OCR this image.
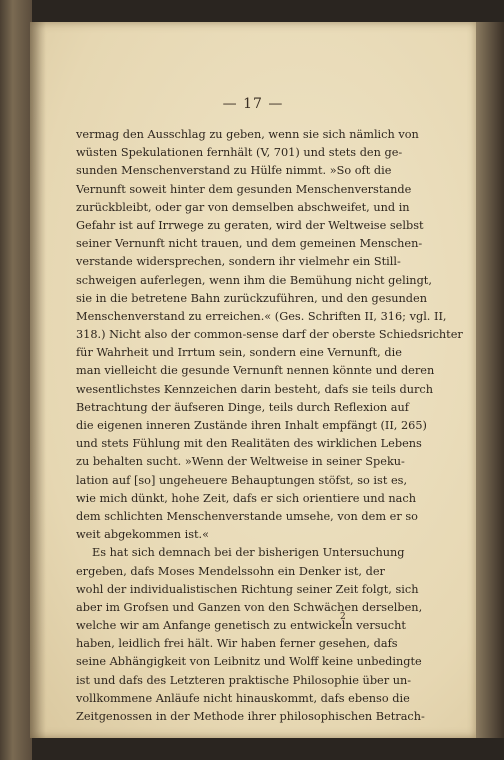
— 17 —
vermag den Ausschlag zu geben, wenn sie sich nämlich von
wüsten Spekulationen fernhält (V, 701) und stets den ge-
sunden Menschenverstand zu Hülfe nimmt. »So oft die
Vernunft soweit hinter dem gesunden Menschenverstande
zurückbleibt, oder gar von demselben abschweifet, und in
Gefahr ist auf Irrwege zu geraten, wird der Weltweise selbst
seiner Vernunft nicht trauen, und dem gemeinen Menschen-
verstande widersprechen, sondern ihr vielmehr ein Still-
schweigen auferlegen, wenn ihm die Bemühung nicht gelingt,
sie in die betretene Bahn zurückzuführen, und den gesunden
Menschenverstand zu erreichen.« (Ges. Schriften II, 316; vgl. II,
318.) Nicht also der common-sense darf der oberste Schiedsrichter
für Wahrheit und Irrtum sein, sondern eine Vernunft, die
man vielleicht die gesunde Vernunft nennen könnte und deren
wesentlichstes Kennzeichen darin besteht, dafs sie teils durch
Betrachtung der äufseren Dinge, teils durch Reflexion auf
die eigenen inneren Zustände ihren Inhalt empfängt (II, 265)
und stets Fühlung mit den Realitäten des wirklichen Lebens
zu behalten sucht. »Wenn der Weltweise in seiner Speku-
lation auf [so] ungeheuere Behauptungen stöfst, so ist es,
wie mich dünkt, hohe Zeit, dafs er sich orientiere und nach
dem schlichten Menschenverstande umsehe, von dem er so
weit abgekommen ist.«
Es hat sich demnach bei der bisherigen Untersuchung
ergeben, dafs Moses Mendelssohn ein Denker ist, der
wohl der individualistischen Richtung seiner Zeit folgt, sich
aber im Grofsen und Ganzen von den Schwächen derselben,
welche wir am Anfange genetisch zu entwickeln versucht
haben, leidlich frei hält. Wir haben ferner gesehen, dafs
seine Abhängigkeit von Leibnitz und Wolff keine unbedingte
ist und dafs des Letzteren praktische Philosophie über un-
vollkommene Anläufe nicht hinauskommt, dafs ebenso die
Zeitgenossen in der Methode ihrer philosophischen Betrach-
2
